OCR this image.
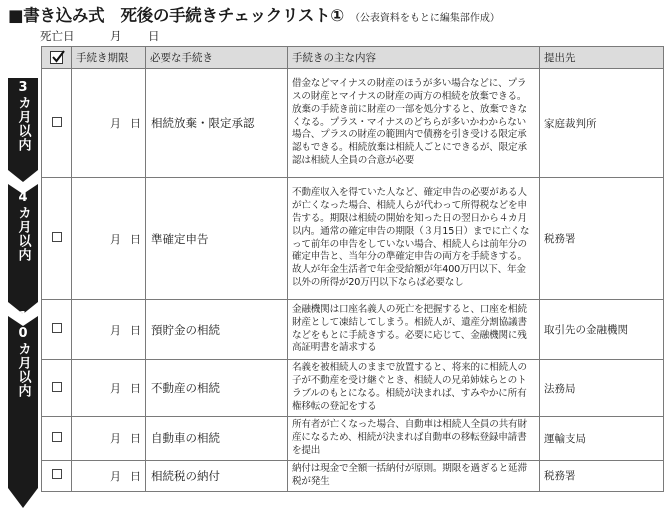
■書き込み式　死後の手続きチェックリスト① （公表資料をもとに編集部作成）
死亡日	月	日
3カ月以内
4カ月以内
10カ月以内
	手続き期限	必要な手続き	手続きの主な内容	提出先

	月 日	相続放棄・限定承認	借金などマイナスの財産のほうが多い場合などに、プラスの財産とマイナスの財産の両方の相続を放棄できる。放棄の手続き前に財産の一部を処分すると、放棄できなくなる。プラス・マイナスのどちらが多いかわからない場合、プラスの財産の範囲内で債務を引き受ける限定承認もできる。相続放棄は相続人ごとにできるが、限定承認は相続人全員の合意が必要	家庭裁判所

	月 日	準確定申告	不動産収入を得ていた人など、確定申告の必要がある人が亡くなった場合、相続人らが代わって所得税などを申告する。期限は相続の開始を知った日の翌日から４カ月以内。通常の確定申告の期限（３月15日）までに亡くなって前年の申告をしていない場合、相続人らは前年分の確定申告と、当年分の準確定申告の両方を手続きする。故人が年金生活者で年金受給額が年400万円以下、年金以外の所得が20万円以下ならば必要なし	税務署

	月 日	預貯金の相続	金融機関は口座名義人の死亡を把握すると、口座を相続財産として凍結してしまう。相続人が、遺産分割協議書などをもとに手続きする。必要に応じて、金融機関に残高証明書を請求する	取引先の金融機関

	月 日	不動産の相続	名義を被相続人のままで放置すると、将来的に相続人の子が不動産を受け継ぐとき、相続人の兄弟姉妹らとのトラブルのもとになる。相続が決まれば、すみやかに所有権移転の登記をする	法務局

	月 日	自動車の相続	所有者が亡くなった場合、自動車は相続人全員の共有財産になるため、相続が決まれば自動車の移転登録申請書を提出	運輸支局

	月 日	相続税の納付	納付は現金で全額一括納付が原則。期限を過ぎると延滞税が発生	税務署
